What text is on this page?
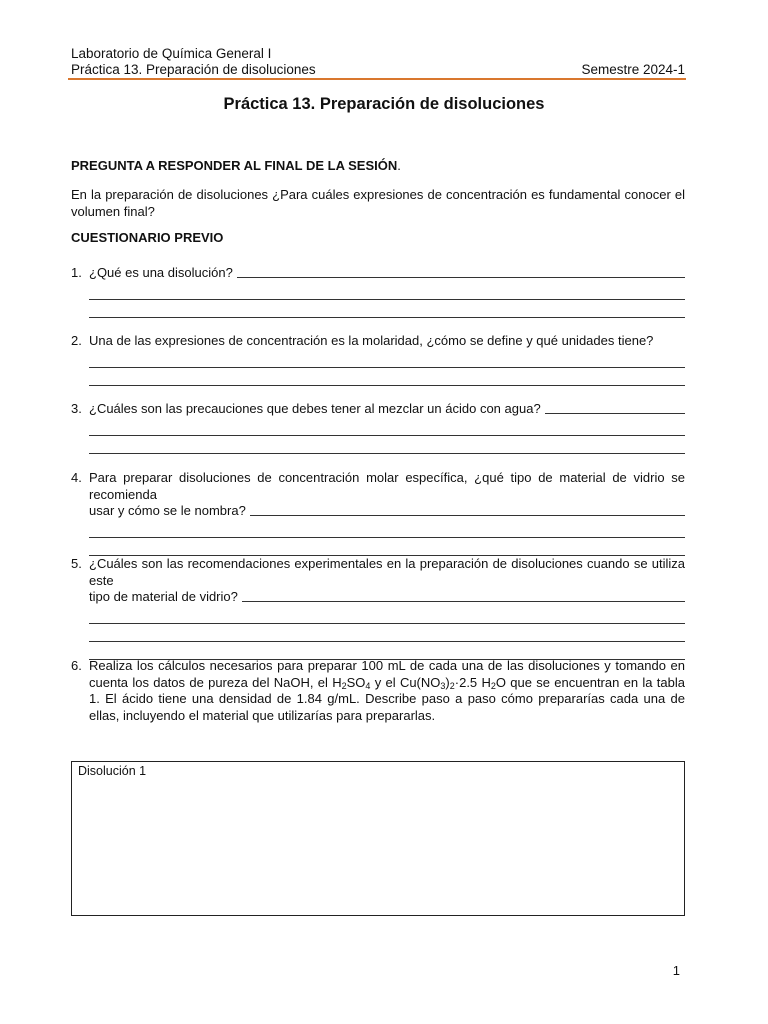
Laboratorio de Química General I
Práctica 13. Preparación de disoluciones	Semestre 2024-1
Práctica 13. Preparación de disoluciones
PREGUNTA A RESPONDER AL FINAL DE LA SESIÓN.
En la preparación de disoluciones ¿Para cuáles expresiones de concentración es fundamental conocer el volumen final?
CUESTIONARIO PREVIO
1. ¿Qué es una disolución?
2. Una de las expresiones de concentración es la molaridad, ¿cómo se define y qué unidades tiene?
3. ¿Cuáles son las precauciones que debes tener al mezclar un ácido con agua?
4. Para preparar disoluciones de concentración molar específica, ¿qué tipo de material de vidrio se recomienda
usar y cómo se le nombra?
5. ¿Cuáles son las recomendaciones experimentales en la preparación de disoluciones cuando se utiliza este
tipo de material de vidrio?
6. Realiza los cálculos necesarios para preparar 100 mL de cada una de las disoluciones y tomando en cuenta los datos de pureza del NaOH, el $H_2SO_4$ y el $Cu(NO_3)_2\cdot 2.5$ $H_2O$ que se encuentran en la tabla 1. El ácido tiene una densidad de 1.84 g/mL. Describe paso a paso cómo prepararías cada una de ellas, incluyendo el material que utilizarías para prepararlas.
Disolución 1
1
